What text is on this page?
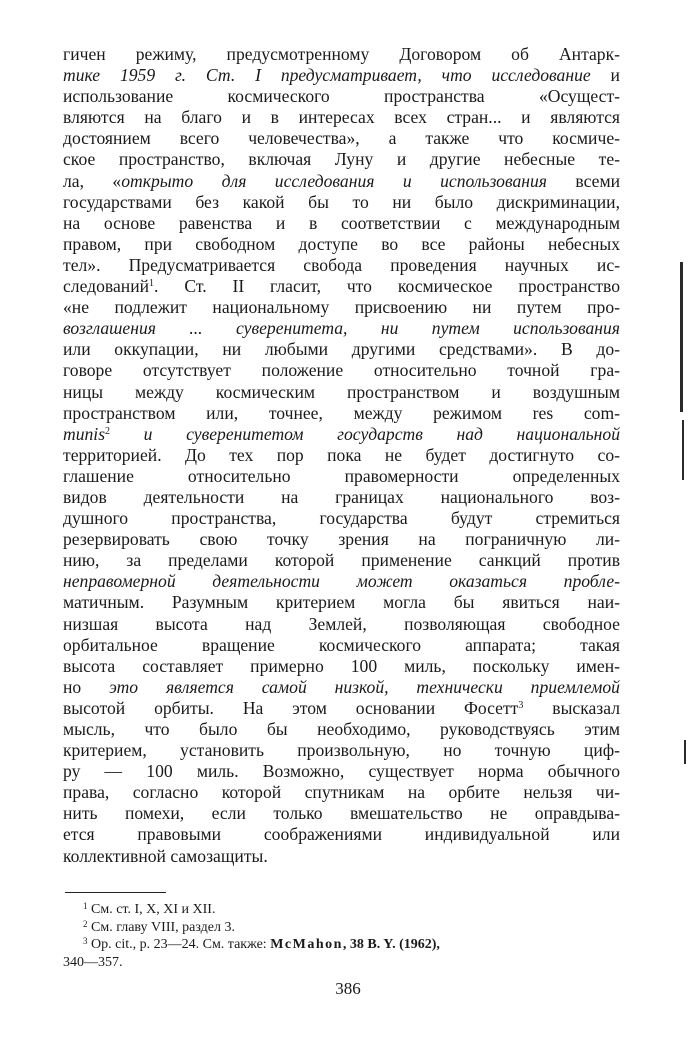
гичен режиму, предусмотренному Договором об Антарк-
тике 1959 г. Ст. I предусматривает, что исследование и
использование космического пространства «Осущест-
вляются на благо и в интересах всех стран... и являются
достоянием всего человечества», а также что космиче-
ское пространство, включая Луну и другие небесные те-
ла, «открыто для исследования и использования всеми
государствами без какой бы то ни было дискриминации,
на основе равенства и в соответствии с международным
правом, при свободном доступе во все районы небесных
тел». Предусматривается свобода проведения научных ис-
следований$^1$. Ст. II гласит, что космическое пространство
«не подлежит национальному присвоению ни путем про-
возглашения ... суверенитета, ни путем использования
или оккупации, ни любыми другими средствами». В до-
говоре отсутствует положение относительно точной гра-
ницы между космическим пространством и воздушным
пространством или, точнее, между режимом res com-
munis$^2$ и суверенитетом государств над национальной
территорией. До тех пор пока не будет достигнуто со-
глашение относительно правомерности определенных
видов деятельности на границах национального воз-
душного пространства, государства будут стремиться
резервировать свою точку зрения на пограничную ли-
нию, за пределами которой применение санкций против
неправомерной деятельности может оказаться пробле-
матичным. Разумным критерием могла бы явиться наи-
низшая высота над Землей, позволяющая свободное
орбитальное вращение космического аппарата; такая
высота составляет примерно 100 миль, поскольку имен-
но это является самой низкой, технически приемлемой
высотой орбиты. На этом основании Фосетт$^3$ высказал
мысль, что было бы необходимо, руководствуясь этим
критерием, установить произвольную, но точную циф-
ру — 100 миль. Возможно, существует норма обычного
права, согласно которой спутникам на орбите нельзя чи-
нить помехи, если только вмешательство не оправдыва-
ется правовыми соображениями индивидуальной или
коллективной самозащиты.
$^1$ См. ст. I, X, XI и XII.
$^2$ См. главу VIII, раздел 3.
$^3$ Op. cit., p. 23—24. См. также: McMahon, 38 B. Y. (1962),
340—357.
386
